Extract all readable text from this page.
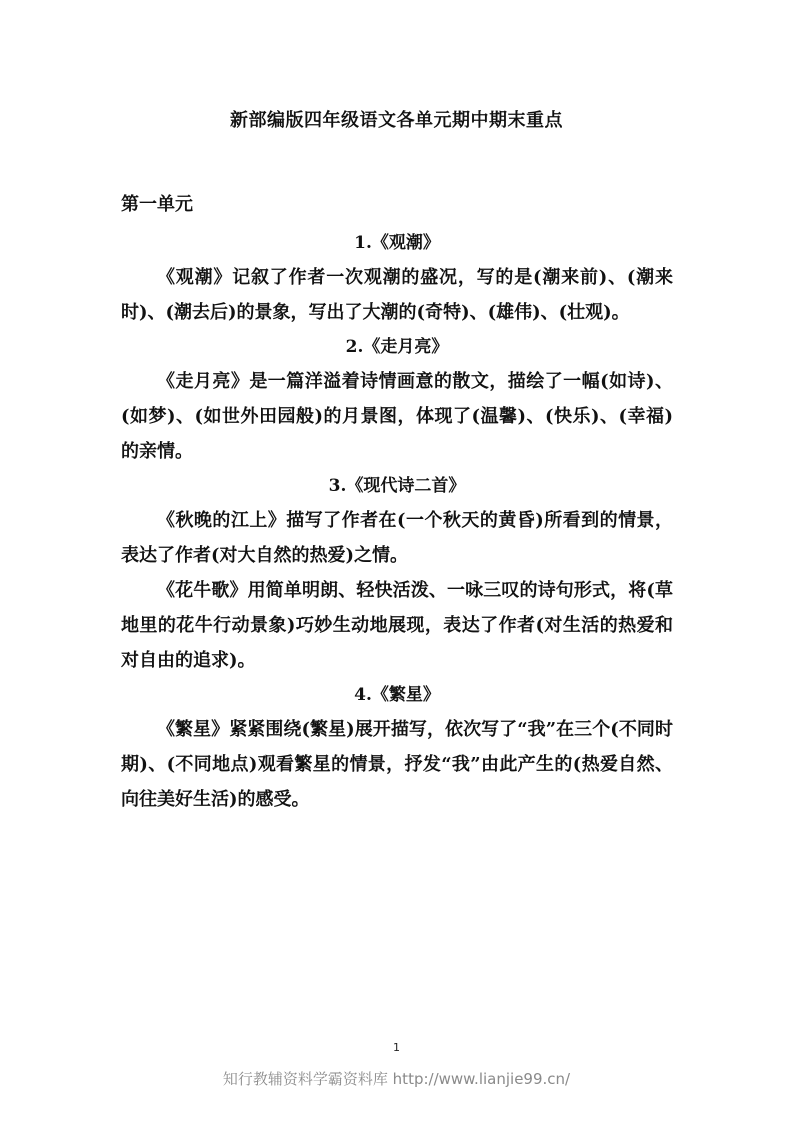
新部编版四年级语文各单元期中期末重点
第一单元

1.《观潮》

《观潮》记叙了作者一次观潮的盛况，写的是(潮来前)、(潮来时)、(潮去后)的景象，写出了大潮的(奇特)、(雄伟)、(壮观)。

2.《走月亮》

《走月亮》是一篇洋溢着诗情画意的散文，描绘了一幅(如诗)、(如梦)、(如世外田园般)的月景图，体现了(温馨)、(快乐)、(幸福)的亲情。

3.《现代诗二首》

《秋晚的江上》描写了作者在(一个秋天的黄昏)所看到的情景，表达了作者(对大自然的热爱)之情。

《花牛歌》用简单明朗、轻快活泼、一咏三叹的诗句形式，将(草地里的花牛行动景象)巧妙生动地展现，表达了作者(对生活的热爱和对自由的追求)。

4.《繁星》

《繁星》紧紧围绕(繁星)展开描写，依次写了“我”在三个(不同时期)、(不同地点)观看繁星的情景，抒发“我”由此产生的(热爱自然、向往美好生活)的感受。

1
知行教辅资料学霸资料库 http://www.lianjie99.cn/
